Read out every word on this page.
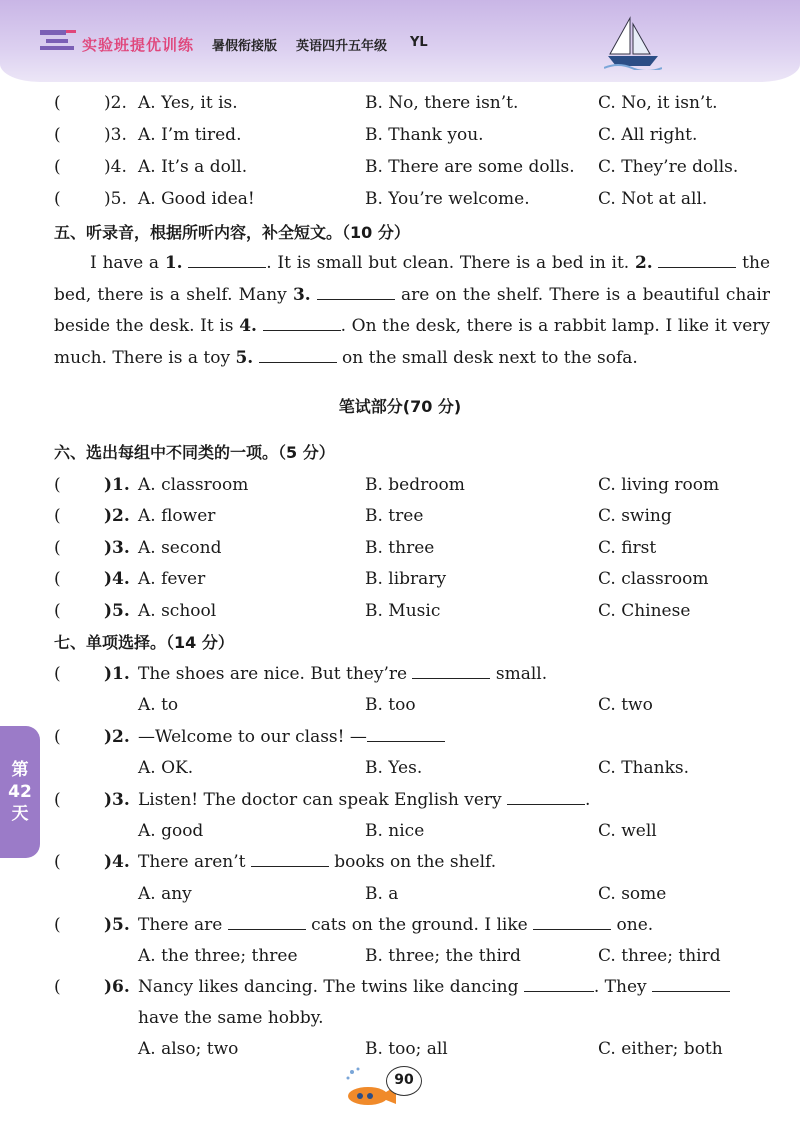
实验班提优训练 暑假衔接版 英语四升五年级 YL
(	)2. A. Yes, it is.	B. No, there isn’t.	C. No, it isn’t.
(	)3. A. I’m tired.	B. Thank you.	C. All right.
(	)4. A. It’s a doll.	B. There are some dolls. C. They’re dolls.
(	)5. A. Good idea!	B. You’re welcome.	C. Not at all.
五、听录音，根据所听内容，补全短文。（10 分）
I have a 1.	. It is small but clean. There is a bed in it. 2.	the bed, there is a shelf. Many 3.	are on the shelf. There is a beautiful chair beside the desk. It is 4.	. On the desk, there is a rabbit lamp. I like it very much. There is a toy 5.	on the small desk next to the sofa.
笔试部分(70 分)
六、选出每组中不同类的一项。（5 分）
(	)1. A. classroom	B. bedroom	C. living room
(	)2. A. flower	B. tree	C. swing
(	)3. A. second	B. three	C. first
(	)4. A. fever	B. library	C. classroom
(	)5. A. school	B. Music	C. Chinese
七、单项选择。（14 分）
(	)1. The shoes are nice. But they’re	small.
A. to	B. too	C. two
(	)2. —Welcome to our class! —
A. OK.	B. Yes.	C. Thanks.
(	)3. Listen! The doctor can speak English very	.
A. good	B. nice	C. well
(	)4. There aren’t	books on the shelf.
A. any	B. a	C. some
(	)5. There are	cats on the ground. I like	one.
A. the three; three	B. three; the third	C. three; third
(	)6. Nancy likes dancing. The twins like dancing	. They
have the same hobby.
A. also; two	B. too; all	C. either; both
第
42
天
90
